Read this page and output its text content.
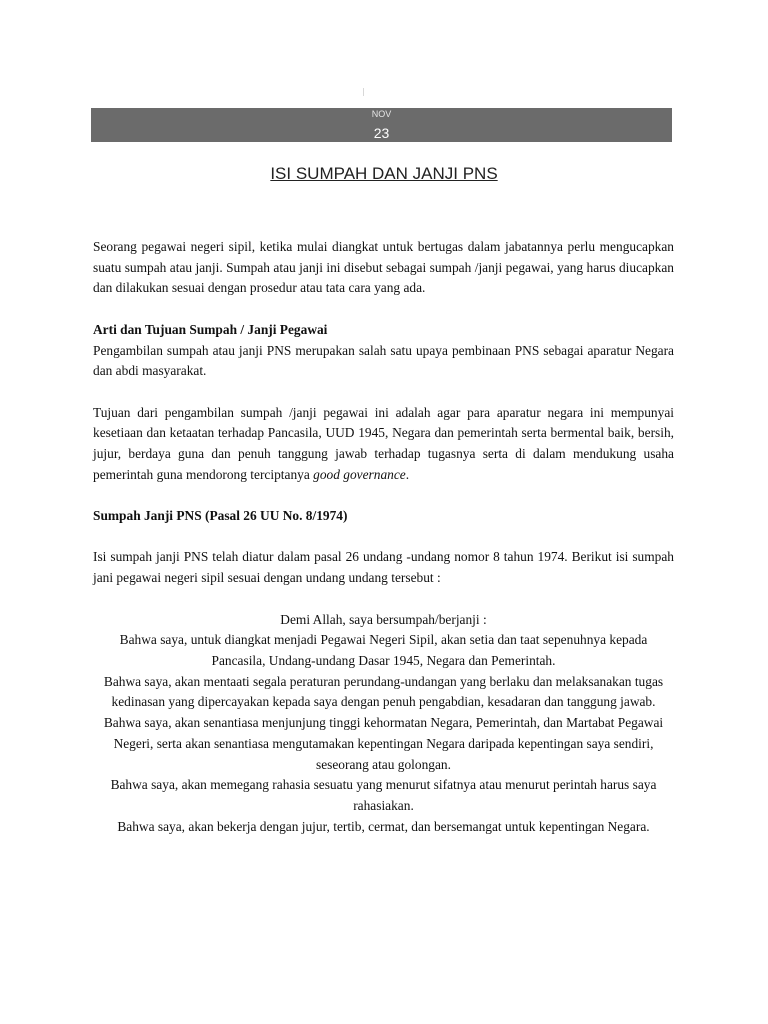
NOV
23
ISI SUMPAH DAN JANJI PNS

Seorang pegawai negeri sipil, ketika mulai diangkat untuk bertugas dalam jabatannya perlu mengucapkan suatu sumpah atau janji. Sumpah atau janji ini disebut sebagai sumpah /janji pegawai, yang harus diucapkan dan dilakukan sesuai dengan prosedur atau tata cara yang ada.

Arti dan Tujuan Sumpah / Janji Pegawai

Pengambilan sumpah atau janji PNS merupakan salah satu upaya pembinaan PNS sebagai aparatur Negara dan abdi masyarakat.

Tujuan dari pengambilan sumpah /janji pegawai ini adalah agar para aparatur negara ini mempunyai kesetiaan dan ketaatan terhadap Pancasila, UUD 1945, Negara dan pemerintah serta bermental baik, bersih, jujur, berdaya guna dan penuh tanggung jawab terhadap tugasnya serta di dalam mendukung usaha pemerintah guna mendorong terciptanya good governance.

Sumpah Janji PNS (Pasal 26 UU No. 8/1974)

Isi sumpah janji PNS telah diatur dalam pasal 26 undang -undang nomor 8 tahun 1974. Berikut isi sumpah jani pegawai negeri sipil sesuai dengan undang undang tersebut :

Demi Allah, saya bersumpah/berjanji :

Bahwa saya, untuk diangkat menjadi Pegawai Negeri Sipil, akan setia dan taat sepenuhnya kepada Pancasila, Undang-undang Dasar 1945, Negara dan Pemerintah.

Bahwa saya, akan mentaati segala peraturan perundang-undangan yang berlaku dan melaksanakan tugas kedinasan yang dipercayakan kepada saya dengan penuh pengabdian, kesadaran dan tanggung jawab.

Bahwa saya, akan senantiasa menjunjung tinggi kehormatan Negara, Pemerintah, dan Martabat Pegawai Negeri, serta akan senantiasa mengutamakan kepentingan Negara daripada kepentingan saya sendiri, seseorang atau golongan.

Bahwa saya, akan memegang rahasia sesuatu yang menurut sifatnya atau menurut perintah harus saya rahasiakan.

Bahwa saya, akan bekerja dengan jujur, tertib, cermat, dan bersemangat untuk kepentingan Negara.
